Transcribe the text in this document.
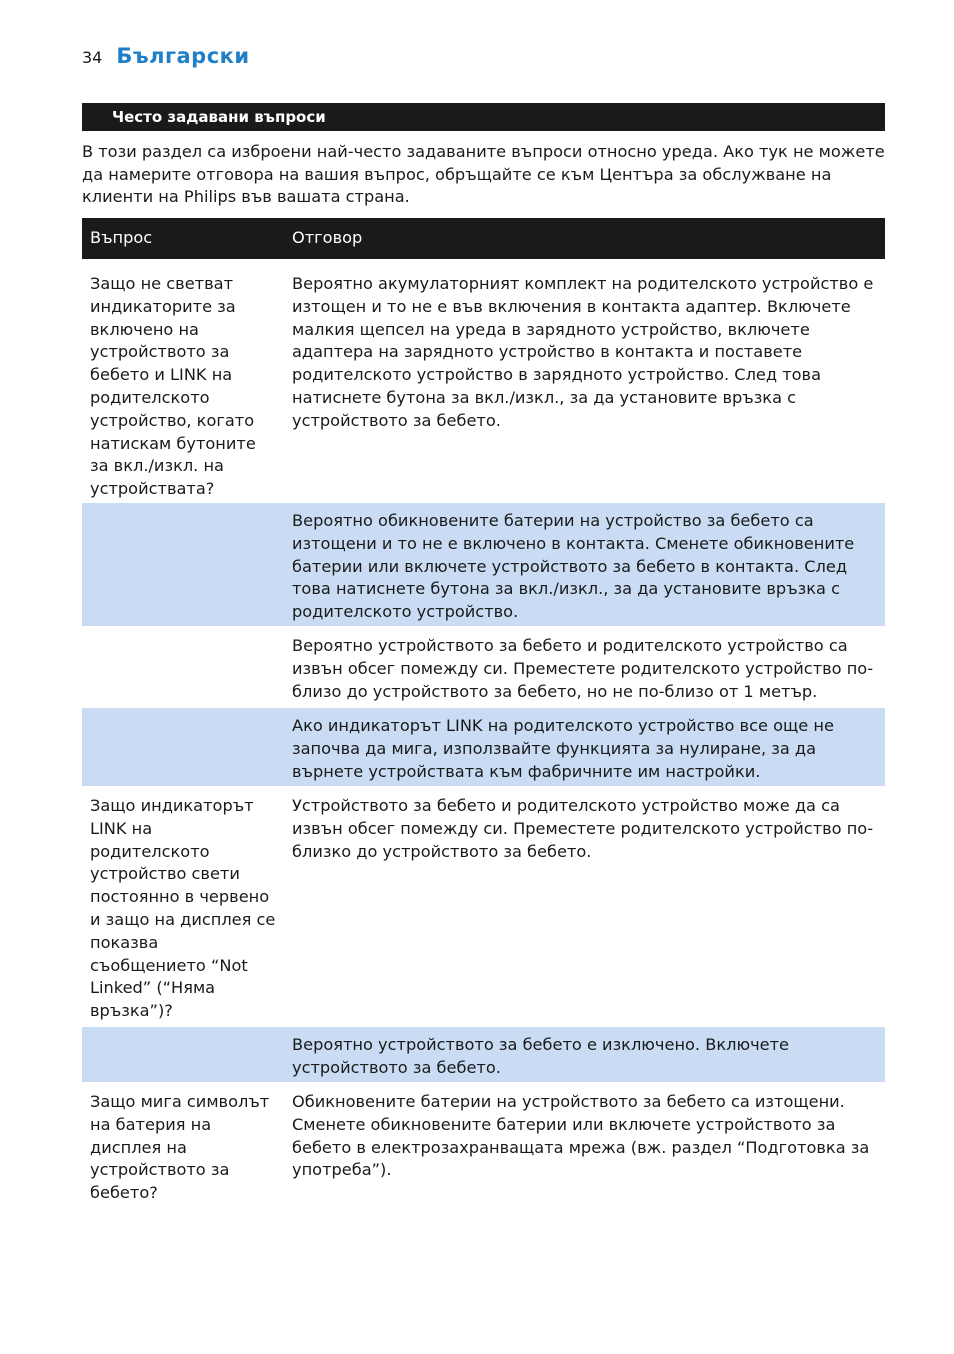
34 Български
Често задавани въпроси

В този раздел са изброени най-често задаваните въпроси относно уреда. Ако тук не можете да намерите отговора на вашия въпрос, обръщайте се към Центъра за обслужване на клиенти на Philips във вашата страна.

Въпрос	Отговор
Защо не светват индикаторите за включено на устройството за бебето и LINK на родителското устройство, когато натискам бутоните за вкл./изкл. на устройствата?	Вероятно акумулаторният комплект на родителското устройство е изтощен и то не е във включения в контакта адаптер. Включете малкия щепсел на уреда в зарядното устройство, включете адаптера на зарядното устройство в контакта и поставете родителското устройство в зарядното устройство. След това натиснете бутона за вкл./изкл., за да установите връзка с устройството за бебето.
	Вероятно обикновените батерии на устройство за бебето са изтощени и то не е включено в контакта. Сменете обикновените батерии или включете устройството за бебето в контакта. След това натиснете бутона за вкл./изкл., за да установите връзка с родителското устройство.
	Вероятно устройството за бебето и родителското устройство са извън обсег помежду си. Преместете родителското устройство по-близо до устройството за бебето, но не по-близо от 1 метър.
	Ако индикаторът LINK на родителското устройство все още не започва да мига, използвайте функцията за нулиране, за да върнете устройствата към фабричните им настройки.
Защо индикаторът LINK на родителското устройство свети постоянно в червено и защо на дисплея се показва съобщението “Not Linked” (“Няма връзка”)?	Устройството за бебето и родителското устройство може да са извън обсег помежду си. Преместете родителското устройство по-близко до устройството за бебето.
	Вероятно устройството за бебето е изключено. Включете устройството за бебето.
Защо мига символът на батерия на дисплея на устройството за бебето?	Обикновените батерии на устройството за бебето са изтощени. Сменете обикновените батерии или включете устройството за бебето в електрозахранващата мрежа (вж. раздел “Подготовка за употреба”).
